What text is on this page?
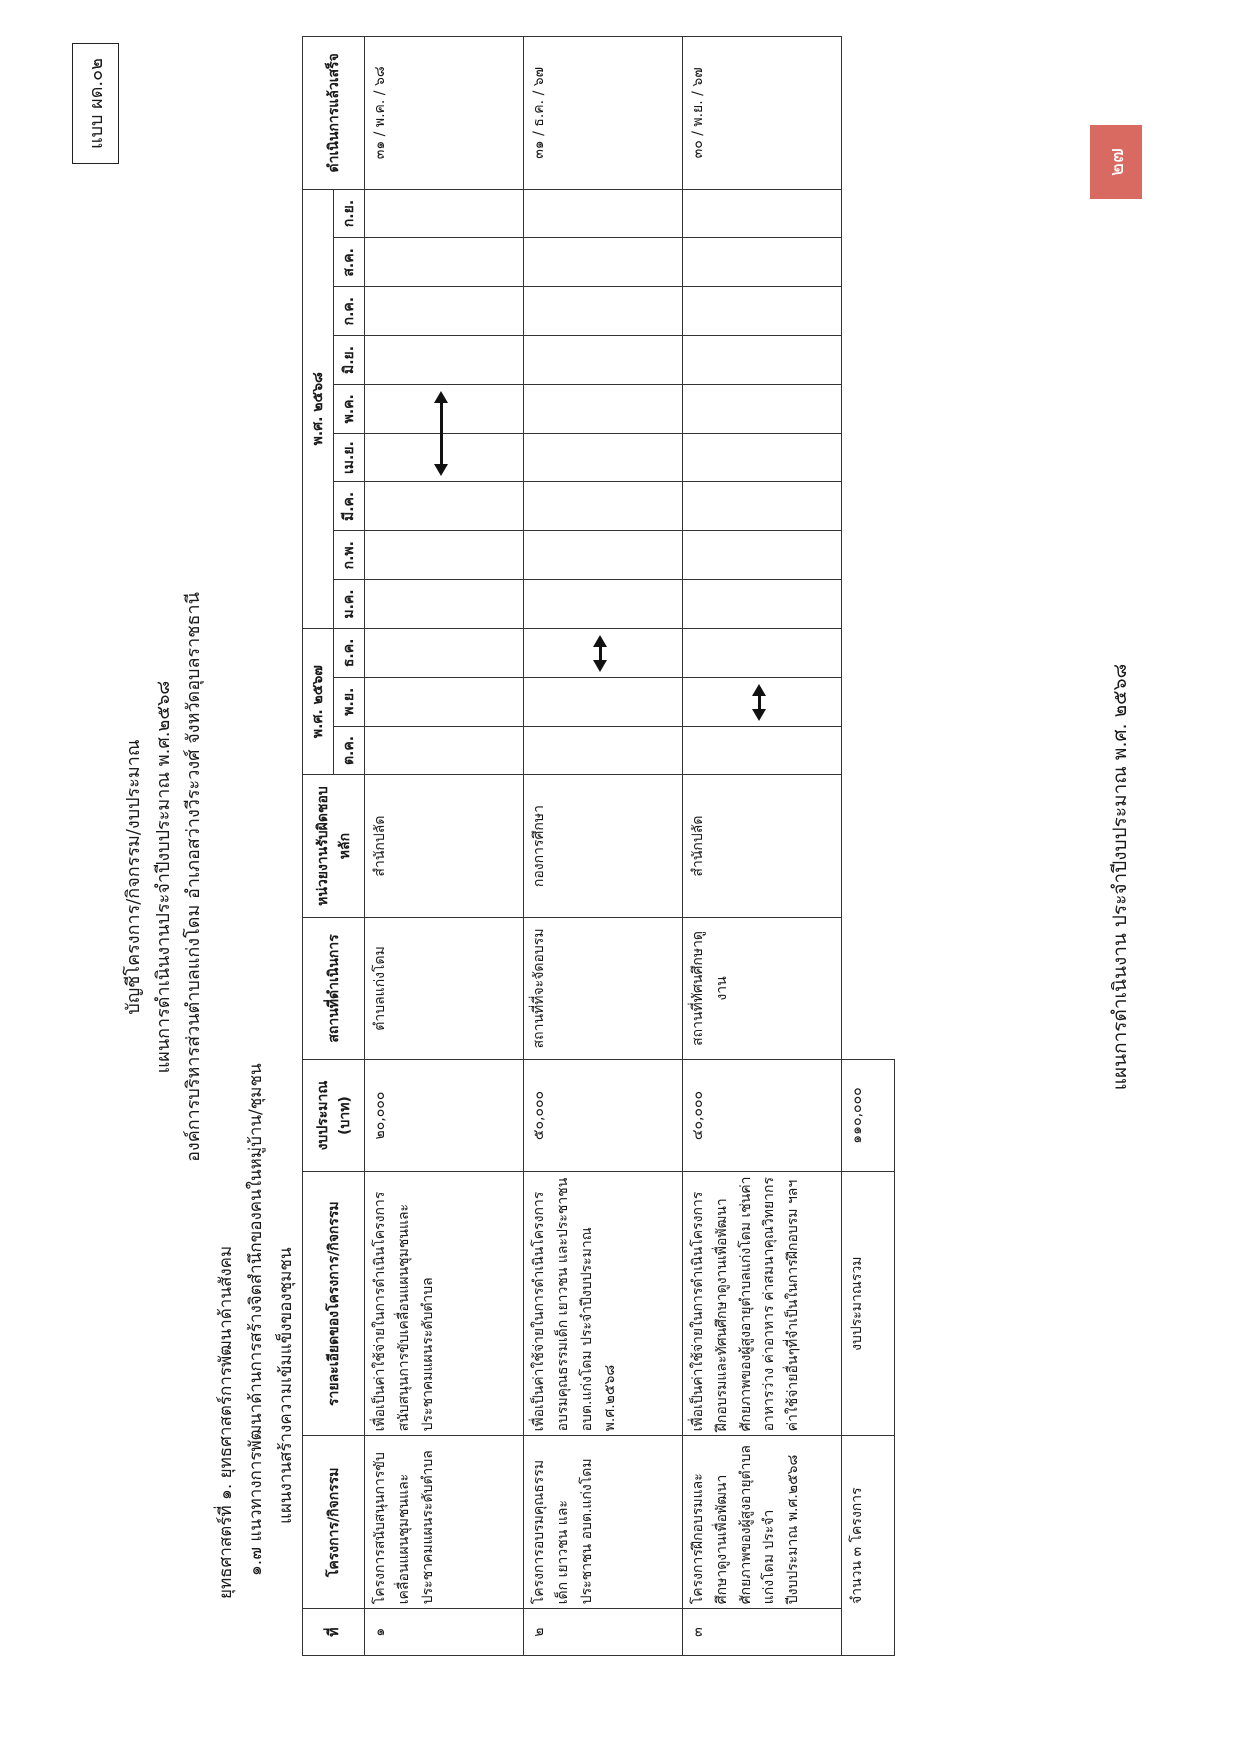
แบบ ผด.๐๒
บัญชีโครงการ/กิจกรรม/งบประมาณ แผนการดำเนินงานประจำปีงบประมาณ พ.ศ.๒๕๖๘ องค์การบริหารส่วนตำบลแก่งโดม อำเภอสว่างวีระวงศ์ จังหวัดอุบลราชธานี
ยุทธศาสตร์ที่ ๑. ยุทธศาสตร์การพัฒนาด้านสังคม ๑.๗ แนวทางการพัฒนาด้านการสร้างจิตสำนึกของคนในหมู่บ้าน/ชุมชน แผนงานสร้างความเข้มแข็งของชุมชน
ที่	โครงการ/กิจกรรม	รายละเอียดของโครงการ/กิจกรรม	งบประมาณ (บาท)	สถานที่ดำเนินการ	หน่วยงานรับผิดชอบหลัก	พ.ศ. ๒๕๖๗			พ.ศ. ๒๕๖๘									ดำเนินการแล้วเสร็จ
						ต.ค.	พ.ย.	ธ.ค.	ม.ค.	ก.พ.	มี.ค.	เม.ย.	พ.ค.	มิ.ย.	ก.ค.	ส.ค.	ก.ย.	
๑	โครงการสนับสนุนการขับเคลื่อนแผนชุมชนและประชาคมแผนระดับตำบล	เพื่อเป็นค่าใช้จ่ายในการดำเนินโครงการสนับสนุนการขับเคลื่อนแผนชุมชนและประชาคมแผนระดับตำบล	๒๐,๐๐๐	ตำบลแก่งโดม	สำนักปลัด													๓๑ / พ.ค. / ๖๘
๒	โครงการอบรมคุณธรรมเด็ก เยาวชน และประชาชน อบต.แก่งโดม	เพื่อเป็นค่าใช้จ่ายในการดำเนินโครงการอบรมคุณธรรมเด็ก เยาวชน และประชาชน อบต.แก่งโดม ประจำปีงบประมาณ พ.ศ.๒๕๖๘	๕๐,๐๐๐	สถานที่ที่จะจัดอบรม	กองการศึกษา													๓๑ / ธ.ค. / ๖๗
๓	โครงการฝึกอบรมและศึกษาดูงานเพื่อพัฒนาศักยภาพของผู้สูงอายุตำบลแก่งโดม ประจำปีงบประมาณ พ.ศ.๒๕๖๘	เพื่อเป็นค่าใช้จ่ายในการดำเนินโครงการฝึกอบรมและทัศนศึกษาดูงานเพื่อพัฒนาศักยภาพของผู้สูงอายุตำบลแก่งโดม เช่นค่าอาหารว่าง ค่าอาหาร ค่าสมนาคุณวิทยากร ค่าใช้จ่ายอื่นๆที่จำเป็นในการฝึกอบรม ฯลฯ	๔๐,๐๐๐	สถานที่ทัศนศึกษาดูงาน	สำนักปลัด													๓๐ / พ.ย. / ๖๗
จำนวน ๓ โครงการ		งบประมาณรวม	๑๑๐,๐๐๐															
แผนการดำเนินงาน ประจำปีงบประมาณ พ.ศ. ๒๕๖๘
๒๗
